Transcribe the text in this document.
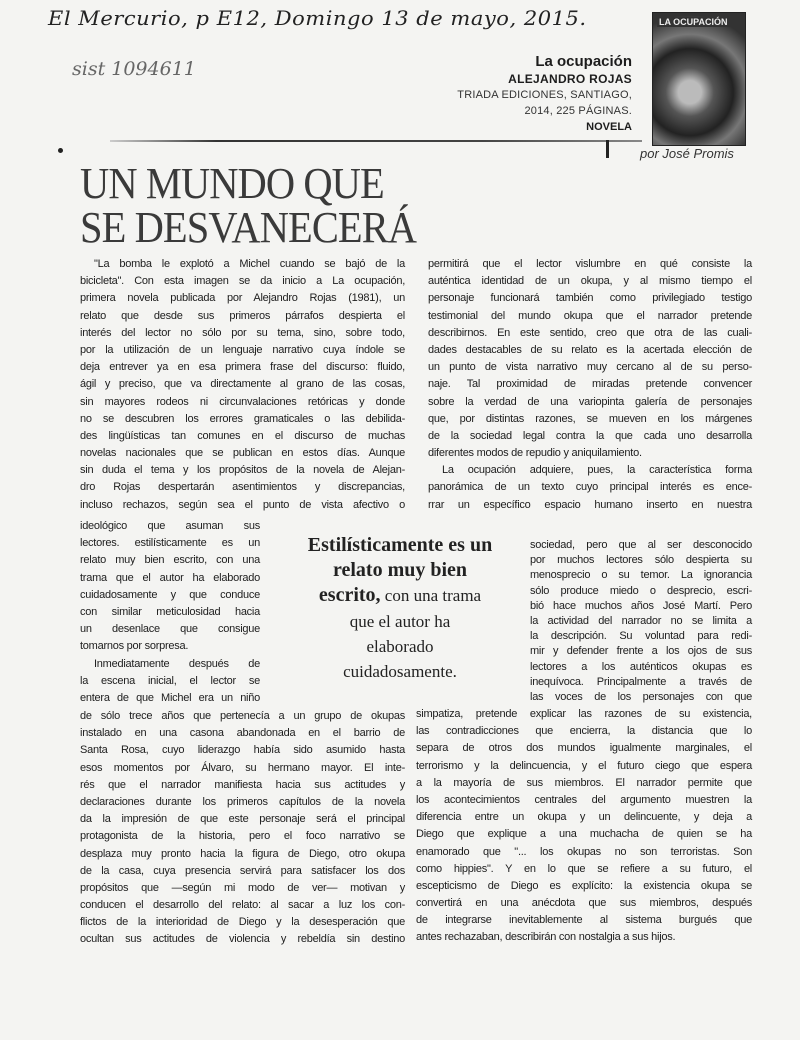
El Mercurio, p E12, Domingo 13 de mayo, 2015.
sist 1094611	La ocupación
ALEJANDRO ROJAS
TRIADA EDICIONES, SANTIAGO,
2014, 225 PÁGINAS.
NOVELA
LA OCUPACIÓN
por José Promis
UN MUNDO QUE
SE DESVANECERÁ
"La bomba le explotó a Michel cuando se bajó de la
bicicleta". Con esta imagen se da inicio a La ocupación,
primera novela publicada por Alejandro Rojas (1981), un
relato que desde sus primeros párrafos despierta el
interés del lector no sólo por su tema, sino, sobre todo,
por la utilización de un lenguaje narrativo cuya índole se
deja entrever ya en esa primera frase del discurso: fluido,
ágil y preciso, que va directamente al grano de las cosas,
sin mayores rodeos ni circunvalaciones retóricas y donde
no se descubren los errores gramaticales o las debilida-
des lingüísticas tan comunes en el discurso de muchas
novelas nacionales que se publican en estos días. Aunque
sin duda el tema y los propósitos de la novela de Alejan-
dro Rojas despertarán asentimientos y discrepancias,
incluso rechazos, según sea el punto de vista afectivo o
ideológico que asuman sus
lectores. estilísticamente es un
relato muy bien escrito, con una
trama que el autor ha elaborado
cuidadosamente y que conduce
con similar meticulosidad hacia
un desenlace que consigue
tomarnos por sorpresa.
Inmediatamente después de
la escena inicial, el lector se
entera de que Michel era un niño
de sólo trece años que pertenecía a un grupo de okupas
instalado en una casona abandonada en el barrio de
Santa Rosa, cuyo liderazgo había sido asumido hasta
esos momentos por Álvaro, su hermano mayor. El inte-
rés que el narrador manifiesta hacia sus actitudes y
declaraciones durante los primeros capítulos de la novela
da la impresión de que este personaje será el principal
protagonista de la historia, pero el foco narrativo se
desplaza muy pronto hacia la figura de Diego, otro okupa
de la casa, cuya presencia servirá para satisfacer los dos
propósitos que —según mi modo de ver— motivan y
conducen el desarrollo del relato: al sacar a luz los con-
flictos de la interioridad de Diego y la desesperación que
ocultan sus actitudes de violencia y rebeldía sin destino
permitirá que el lector vislumbre en qué consiste la
auténtica identidad de un okupa, y al mismo tiempo el
personaje funcionará también como privilegiado testigo
testimonial del mundo okupa que el narrador pretende
describirnos. En este sentido, creo que otra de las cuali-
dades destacables de su relato es la acertada elección de
un punto de vista narrativo muy cercano al de su perso-
naje. Tal proximidad de miradas pretende convencer
sobre la verdad de una variopinta galería de personajes
que, por distintas razones, se mueven en los márgenes
de la sociedad legal contra la que cada uno desarrolla
diferentes modos de repudio y aniquilamiento.
La ocupación adquiere, pues, la característica forma
panorámica de un texto cuyo principal interés es ence-
rrar un específico espacio humano inserto en nuestra
sociedad, pero que al ser desconocido
por muchos lectores sólo despierta su
menosprecio o su temor. La ignorancia
sólo produce miedo o desprecio, escri-
bió hace muchos años José Martí. Pero
la actividad del narrador no se limita a
la descripción. Su voluntad para redi-
mir y defender frente a los ojos de sus
lectores a los auténticos okupas es
inequívoca. Principalmente a través de
las voces de los personajes con que
simpatiza, pretende explicar las razones de su existencia,
las contradicciones que encierra, la distancia que lo
separa de otros dos mundos igualmente marginales, el
terrorismo y la delincuencia, y el futuro ciego que espera
a la mayoría de sus miembros. El narrador permite que
los acontecimientos centrales del argumento muestren la
diferencia entre un okupa y un delincuente, y deja a
Diego que explique a una muchacha de quien se ha
enamorado que "... los okupas no son terroristas. Son
como hippies". Y en lo que se refiere a su futuro, el
escepticismo de Diego es explícito: la existencia okupa se
convertirá en una anécdota que sus miembros, después
de integrarse inevitablemente al sistema burgués que
antes rechazaban, describirán con nostalgia a sus hijos.
Estilísticamente es un
relato muy bien
escrito, con una trama
que el autor ha
elaborado
cuidadosamente.
